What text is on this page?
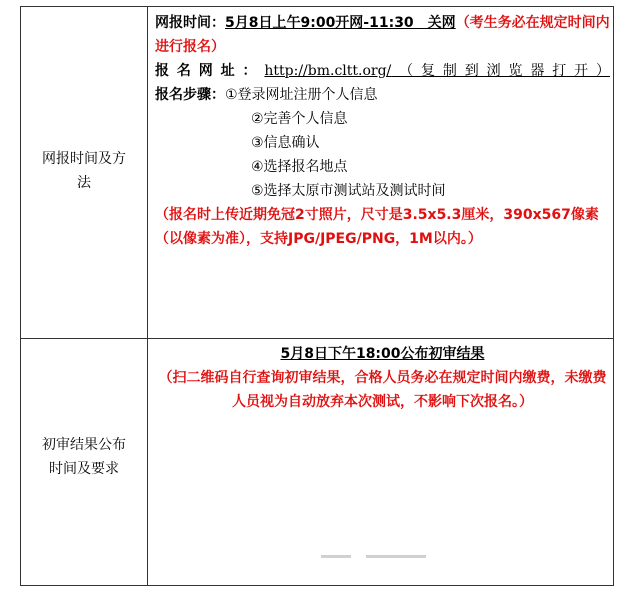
网报时间及方
法
网报时间：5月8日上午9:00开网-11:30　关网（考生务必在规定时间内进行报名）
报名网址：http://bm.cltt.org/（复制到浏览器打开）
报名步骤：①登录网址注册个人信息
②完善个人信息
③信息确认
④选择报名地点
⑤选择太原市测试站及测试时间
（报名时上传近期免冠2寸照片，尺寸是3.5x5.3厘米，390x567像素（以像素为准），支持JPG/JPEG/PNG，1M以内。）
初审结果公布
时间及要求
5月8日下午18:00公布初审结果
（扫二维码自行查询初审结果，合格人员务必在规定时间内缴费，未缴费人员视为自动放弃本次测试，不影响下次报名。）
